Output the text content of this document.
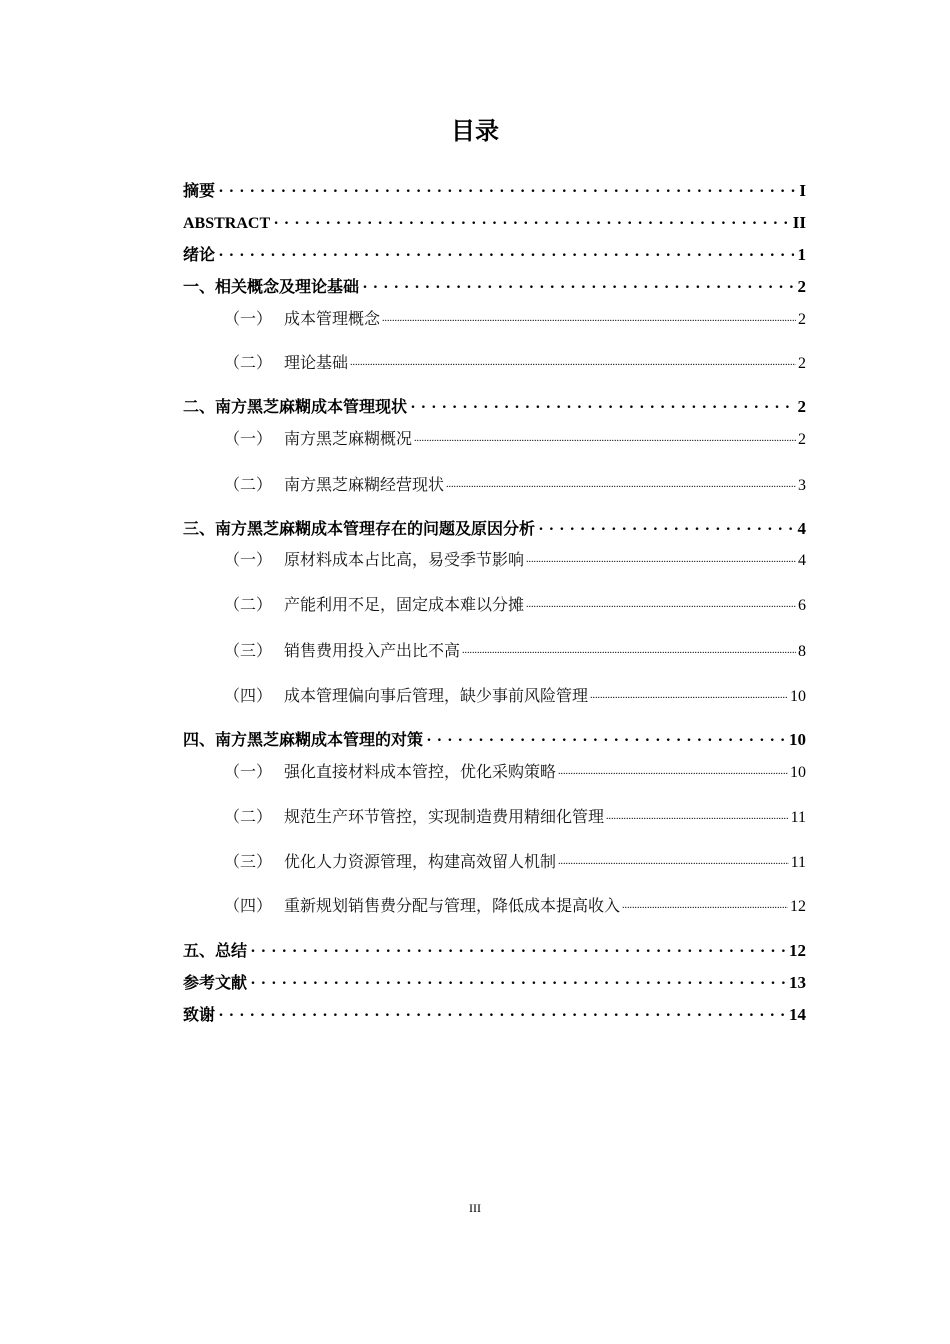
目录
摘要 . . .	I
ABSTRACT . . .	II
绪论 . . .	1
一、相关概念及理论基础 . . .	2
（一） 成本管理概念 .....	2
（二） 理论基础 .....	2
二、南方黑芝麻糊成本管理现状 . . .	2
（一） 南方黑芝麻糊概况 .....	2
（二） 南方黑芝麻糊经营现状 .....	3
三、南方黑芝麻糊成本管理存在的问题及原因分析 . . .	4
（一） 原材料成本占比高，易受季节影响 .....	4
（二） 产能利用不足，固定成本难以分摊 .....	6
（三） 销售费用投入产出比不高 .....	8
（四） 成本管理偏向事后管理，缺少事前风险管理 .....	10
四、南方黑芝麻糊成本管理的对策 . . .	10
（一） 强化直接材料成本管控，优化采购策略 .....	10
（二） 规范生产环节管控，实现制造费用精细化管理 .....	11
（三） 优化人力资源管理，构建高效留人机制 .....	11
（四） 重新规划销售费分配与管理，降低成本提高收入 .....	12
五、总结 . . .	12
参考文献 . . .	13
致谢 . . .	14
III
